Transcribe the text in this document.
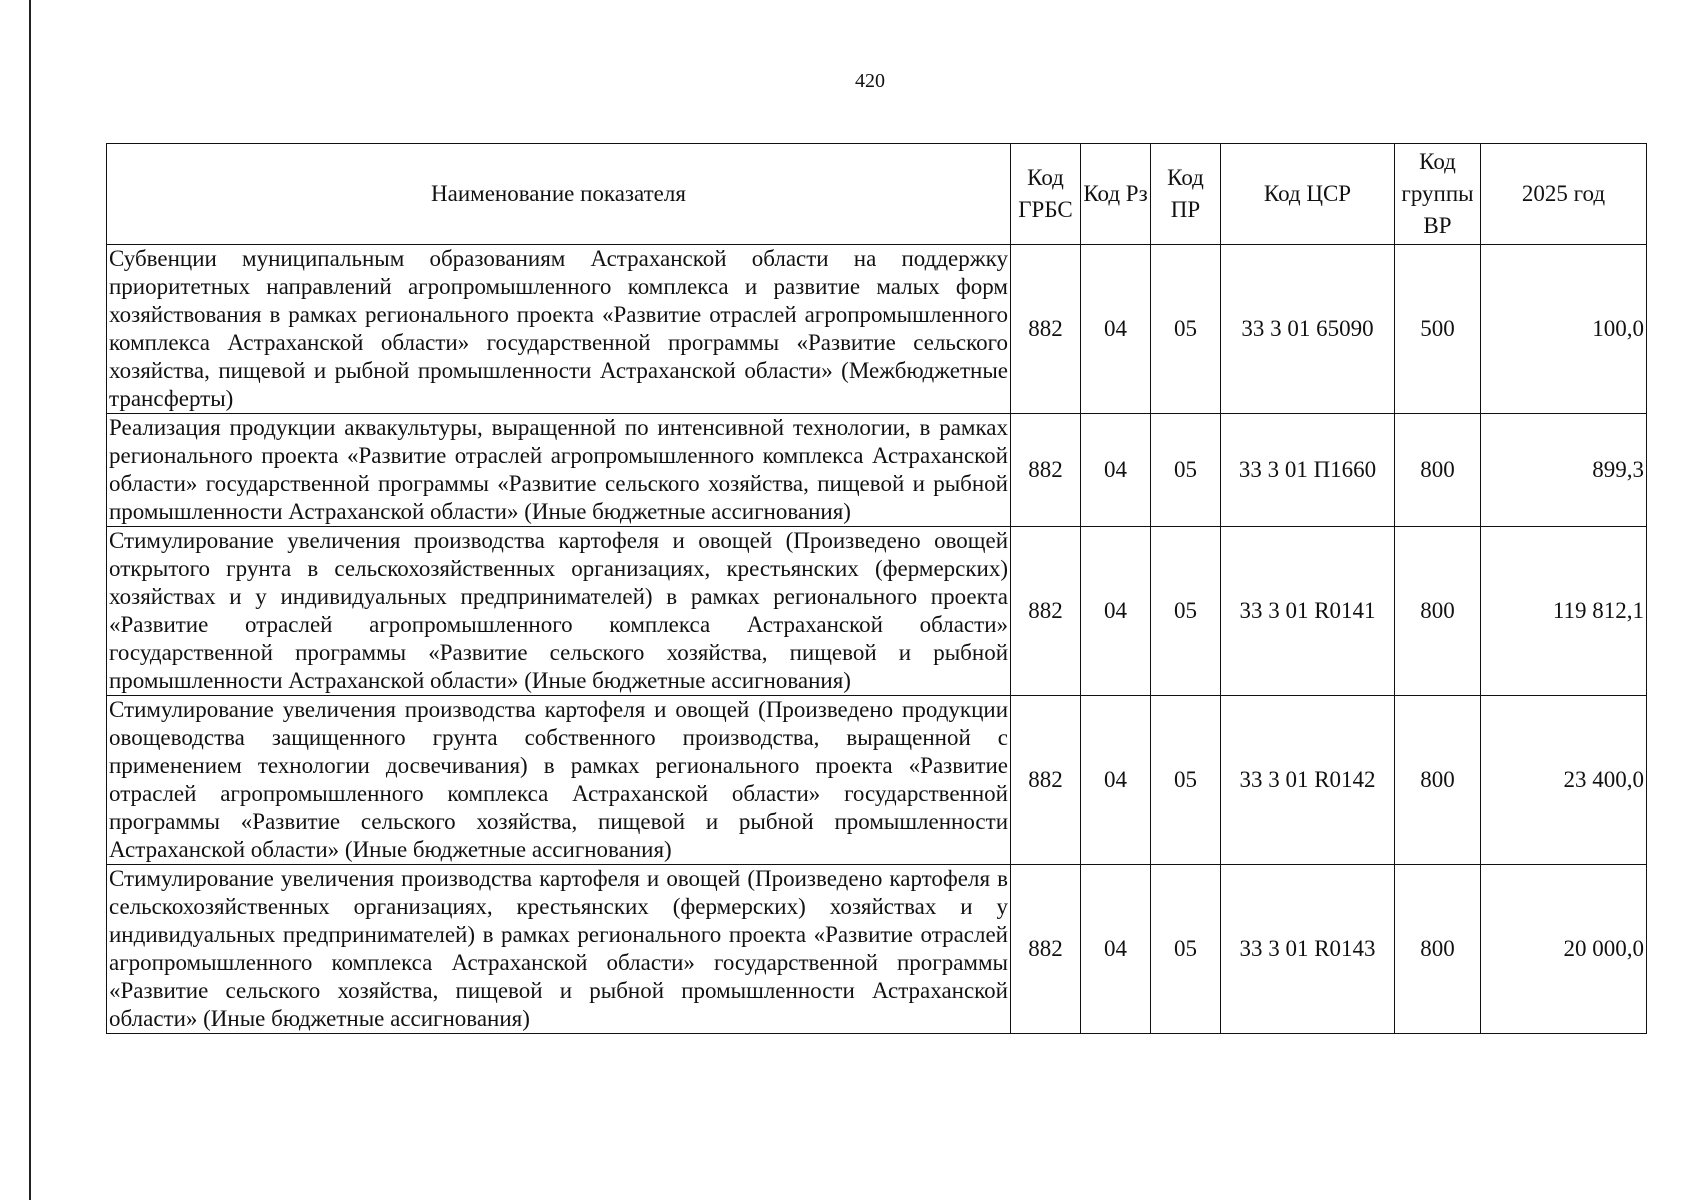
420
Наименование показателя	Код ГРБС	Код Рз	Код ПР	Код ЦСР	Код группы ВР	2025 год
Субвенции муниципальным образованиям Астраханской области на поддержку приоритетных направлений агропромышленного комплекса и развитие малых форм хозяйствования в рамках регионального проекта «Развитие отраслей агропромышленного комплекса Астраханской области» государственной программы «Развитие сельского хозяйства, пищевой и рыбной промышленности Астраханской области» (Межбюджетные трансферты)	882	04	05	33 3 01 65090	500	100,0
Реализация продукции аквакультуры, выращенной по интенсивной технологии, в рамках регионального проекта «Развитие отраслей агропромышленного комплекса Астраханской области» государственной программы «Развитие сельского хозяйства, пищевой и рыбной промышленности Астраханской области» (Иные бюджетные ассигнования)	882	04	05	33 3 01 П1660	800	899,3
Стимулирование увеличения производства картофеля и овощей (Произведено овощей открытого грунта в сельскохозяйственных организациях, крестьянских (фермерских) хозяйствах и у индивидуальных предпринимателей) в рамках регионального проекта «Развитие отраслей агропромышленного комплекса Астраханской области» государственной программы «Развитие сельского хозяйства, пищевой и рыбной промышленности Астраханской области» (Иные бюджетные ассигнования)	882	04	05	33 3 01 R0141	800	119 812,1
Стимулирование увеличения производства картофеля и овощей (Произведено продукции овощеводства защищенного грунта собственного производства, выращенной с применением технологии досвечивания) в рамках регионального проекта «Развитие отраслей агропромышленного комплекса Астраханской области» государственной программы «Развитие сельского хозяйства, пищевой и рыбной промышленности Астраханской области» (Иные бюджетные ассигнования)	882	04	05	33 3 01 R0142	800	23 400,0
Стимулирование увеличения производства картофеля и овощей (Произведено картофеля в сельскохозяйственных организациях, крестьянских (фермерских) хозяйствах и у индивидуальных предпринимателей) в рамках регионального проекта «Развитие отраслей агропромышленного комплекса Астраханской области» государственной программы «Развитие сельского хозяйства, пищевой и рыбной промышленности Астраханской области» (Иные бюджетные ассигнования)	882	04	05	33 3 01 R0143	800	20 000,0
